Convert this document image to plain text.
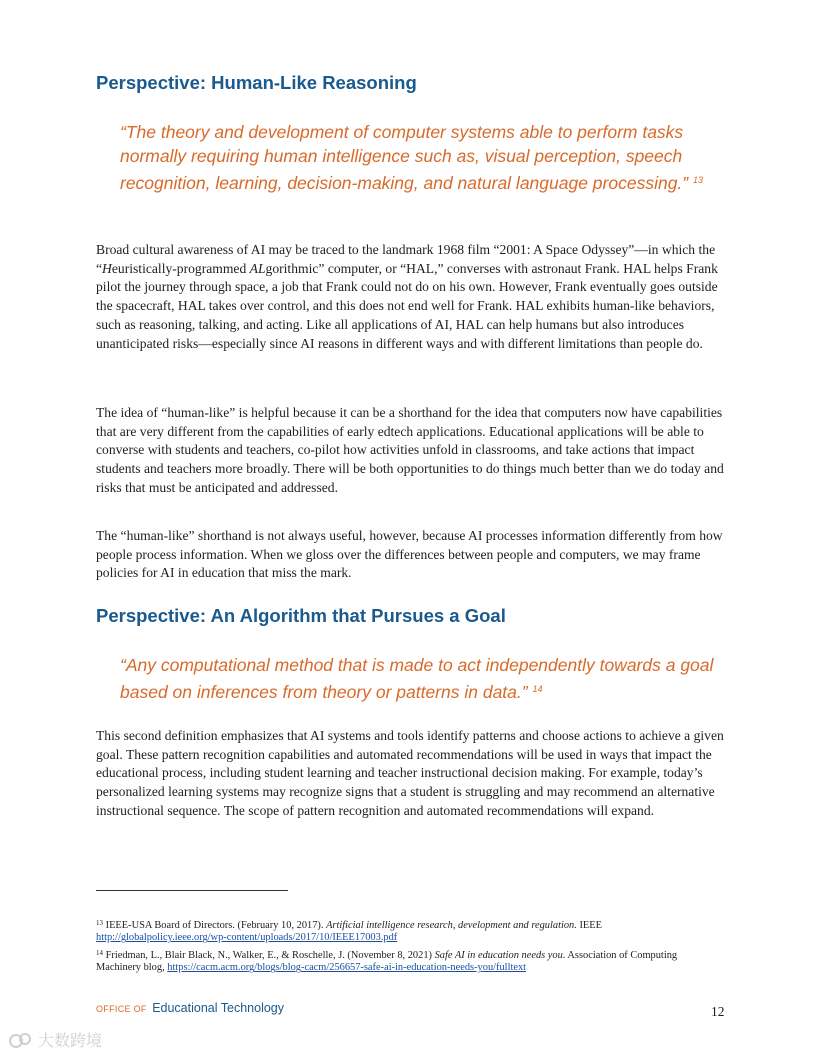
Perspective: Human-Like Reasoning

“The theory and development of computer systems able to perform tasks normally requiring human intelligence such as, visual perception, speech recognition, learning, decision-making, and natural language processing.” $^{13}$

Broad cultural awareness of AI may be traced to the landmark 1968 film “2001: A Space Odyssey”—in which the “Heuristically-programmed ALgorithmic” computer, or “HAL,” converses with astronaut Frank. HAL helps Frank pilot the journey through space, a job that Frank could not do on his own. However, Frank eventually goes outside the spacecraft, HAL takes over control, and this does not end well for Frank. HAL exhibits human-like behaviors, such as reasoning, talking, and acting. Like all applications of AI, HAL can help humans but also introduces unanticipated risks—especially since AI reasons in different ways and with different limitations than people do.

The idea of “human-like” is helpful because it can be a shorthand for the idea that computers now have capabilities that are very different from the capabilities of early edtech applications. Educational applications will be able to converse with students and teachers, co-pilot how activities unfold in classrooms, and take actions that impact students and teachers more broadly. There will be both opportunities to do things much better than we do today and risks that must be anticipated and addressed.

The “human-like” shorthand is not always useful, however, because AI processes information differently from how people process information. When we gloss over the differences between people and computers, we may frame policies for AI in education that miss the mark.

Perspective: An Algorithm that Pursues a Goal

“Any computational method that is made to act independently towards a goal based on inferences from theory or patterns in data.” $^{14}$

This second definition emphasizes that AI systems and tools identify patterns and choose actions to achieve a given goal. These pattern recognition capabilities and automated recommendations will be used in ways that impact the educational process, including student learning and teacher instructional decision making. For example, today’s personalized learning systems may recognize signs that a student is struggling and may recommend an alternative instructional sequence. The scope of pattern recognition and automated recommendations will expand.

$^{13}$ IEEE-USA Board of Directors. (February 10, 2017). Artificial intelligence research, development and regulation. IEEE http://globalpolicy.ieee.org/wp-content/uploads/2017/10/IEEE17003.pdf

$^{14}$ Friedman, L., Blair Black, N., Walker, E., & Roschelle, J. (November 8, 2021) Safe AI in education needs you. Association of Computing Machinery blog, https://cacm.acm.org/blogs/blog-cacm/256657-safe-ai-in-education-needs-you/fulltext

OFFICE OF Educational Technology	12
大数跨境
